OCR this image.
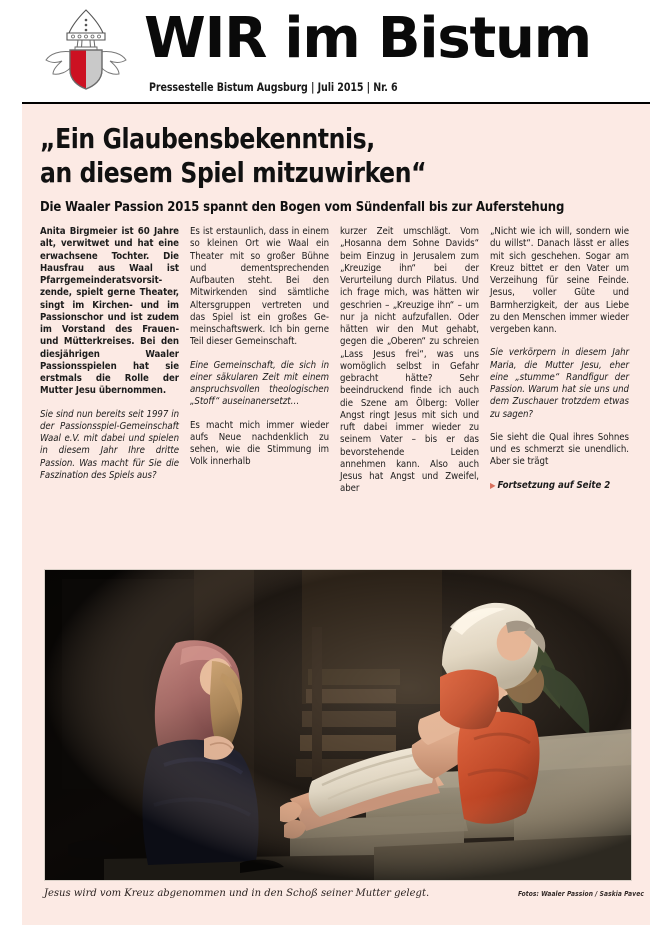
WIR im Bistum
Pressestelle Bistum Augsburg | Juli 2015 | Nr. 6
„Ein Glaubensbekenntnis,
an diesem Spiel mitzuwirken“
Die Waaler Passion 2015 spannt den Bogen vom Sündenfall bis zur Auferstehung

Anita Birgmeier ist 60 Jahre alt, verwitwet und hat eine erwachsene Tochter. Die Hausfrau aus Waal ist Pfarrgemeinderatsvorsitzende, spielt gerne Theater, singt im Kirchen- und im Passionschor und ist zudem im Vorstand des Frauen- und Mütterkreises. Bei den diesjährigen Waaler Passionsspielen hat sie erstmals die Rolle der Mutter Jesu übernommen.

Sie sind nun bereits seit 1997 in der Passionsspiel-Gemeinschaft Waal e.V. mit dabei und spielen in diesem Jahr Ihre dritte Passion. Was macht für Sie die Faszination des Spiels aus?

Es ist erstaunlich, dass in einem so kleinen Ort wie Waal ein Theater mit so großer Bühne und dementsprechenden Aufbauten steht. Bei den Mitwirkenden sind sämtliche Altersgruppen vertreten und das Spiel ist ein großes Gemeinschaftswerk. Ich bin gerne Teil dieser Gemeinschaft.

Eine Gemeinschaft, die sich in einer säkularen Zeit mit einem anspruchsvollen theologischen „Stoff“ auseinanersetzt…

Es macht mich immer wieder aufs Neue nachdenklich zu sehen, wie die Stimmung im Volk innerhalb

kurzer Zeit umschlägt. Vom „Hosanna dem Sohne Davids“ beim Einzug in Jerusalem zum „Kreuzige ihn“ bei der Verurteilung durch Pilatus. Und ich frage mich, was hätten wir geschrien – „Kreuzige ihn“ – um nur ja nicht aufzufallen. Oder hätten wir den Mut gehabt, gegen die „Oberen“ zu schreien „Lass Jesus frei“, was uns womöglich selbst in Gefahr gebracht hätte? Sehr beeindruckend finde ich auch die Szene am Ölberg: Voller Angst ringt Jesus mit sich und ruft dabei immer wieder zu seinem Vater – bis er das bevorstehende Leiden annehmen kann. Also auch Jesus hat Angst und Zweifel, aber

„Nicht wie ich will, sondern wie du willst“. Danach lässt er alles mit sich geschehen. Sogar am Kreuz bittet er den Vater um Verzeihung für seine Feinde. Jesus, voller Güte und Barmherzigkeit, der aus Liebe zu den Menschen immer wieder vergeben kann.

Sie verkörpern in diesem Jahr Maria, die Mutter Jesu, eher eine „stumme“ Randfigur der Passion. Warum hat sie uns und dem Zuschauer trotzdem etwas zu sagen?

Sie sieht die Qual ihres Sohnes und es schmerzt sie unendlich. Aber sie trägt

▶ Fortsetzung auf Seite 2

Jesus wird vom Kreuz abgenommen und in den Schoß seiner Mutter gelegt.	Fotos: Waaler Passion / Saskia Pavec
